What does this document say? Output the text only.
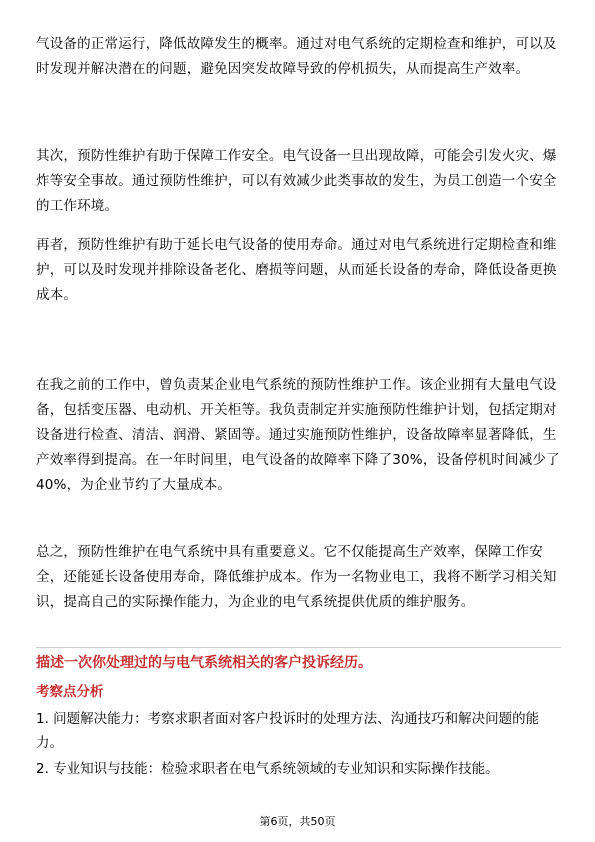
气设备的正常运行，降低故障发生的概率。通过对电气系统的定期检查和维护，可以及时发现并解决潜在的问题，避免因突发故障导致的停机损失，从而提高生产效率。

其次，预防性维护有助于保障工作安全。电气设备一旦出现故障，可能会引发火灾、爆炸等安全事故。通过预防性维护，可以有效减少此类事故的发生，为员工创造一个安全的工作环境。

再者，预防性维护有助于延长电气设备的使用寿命。通过对电气系统进行定期检查和维护，可以及时发现并排除设备老化、磨损等问题，从而延长设备的寿命，降低设备更换成本。

在我之前的工作中，曾负责某企业电气系统的预防性维护工作。该企业拥有大量电气设备，包括变压器、电动机、开关柜等。我负责制定并实施预防性维护计划，包括定期对设备进行检查、清洁、润滑、紧固等。通过实施预防性维护，设备故障率显著降低，生产效率得到提高。在一年时间里，电气设备的故障率下降了30%，设备停机时间减少了40%，为企业节约了大量成本。

总之，预防性维护在电气系统中具有重要意义。它不仅能提高生产效率，保障工作安全，还能延长设备使用寿命，降低维护成本。作为一名物业电工，我将不断学习相关知识，提高自己的实际操作能力，为企业的电气系统提供优质的维护服务。

描述一次你处理过的与电气系统相关的客户投诉经历。

考察点分析

1. 问题解决能力：考察求职者面对客户投诉时的处理方法、沟通技巧和解决问题的能力。
2. 专业知识与技能：检验求职者在电气系统领域的专业知识和实际操作技能。
第6页，共50页
